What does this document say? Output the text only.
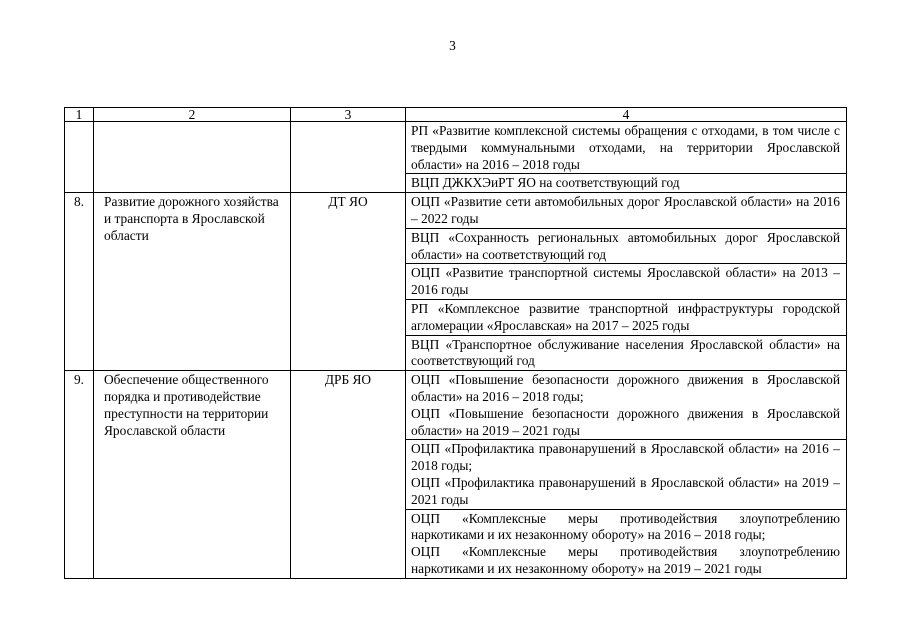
3
1	2	3	4

			РП «Развитие комплексной системы обращения с отходами, в том числе с твердыми коммунальными отходами, на территории Ярославской области» на 2016 – 2018 годы

			ВЦП ДЖКХЭиРТ ЯО на соответствующий год

8.	Развитие дорожного хозяйства и транспорта в Ярославской области	ДТ ЯО	ОЦП «Развитие сети автомобильных дорог Ярославской области» на 2016 – 2022 годы

			ВЦП «Сохранность региональных автомобильных дорог Ярославской области» на соответствующий год

			ОЦП «Развитие транспортной системы Ярославской области» на 2013 – 2016 годы

			РП «Комплексное развитие транспортной инфраструктуры городской агломерации «Ярославская» на 2017 – 2025 годы

			ВЦП «Транспортное обслуживание населения Ярославской области» на соответствующий год

9.	Обеспечение общественного порядка и противодействие преступности на территории Ярославской области	ДРБ ЯО	ОЦП «Повышение безопасности дорожного движения в Ярославской области» на 2016 – 2018 годы;
ОЦП «Повышение безопасности дорожного движения в Ярославской области» на 2019 – 2021 годы

			ОЦП «Профилактика правонарушений в Ярославской области» на 2016 – 2018 годы;
ОЦП «Профилактика правонарушений в Ярославской области» на 2019 – 2021 годы

			ОЦП «Комплексные меры противодействия злоупотреблению наркотиками и их незаконному обороту» на 2016 – 2018 годы;
ОЦП «Комплексные меры противодействия злоупотреблению наркотиками и их незаконному обороту» на 2019 – 2021 годы
